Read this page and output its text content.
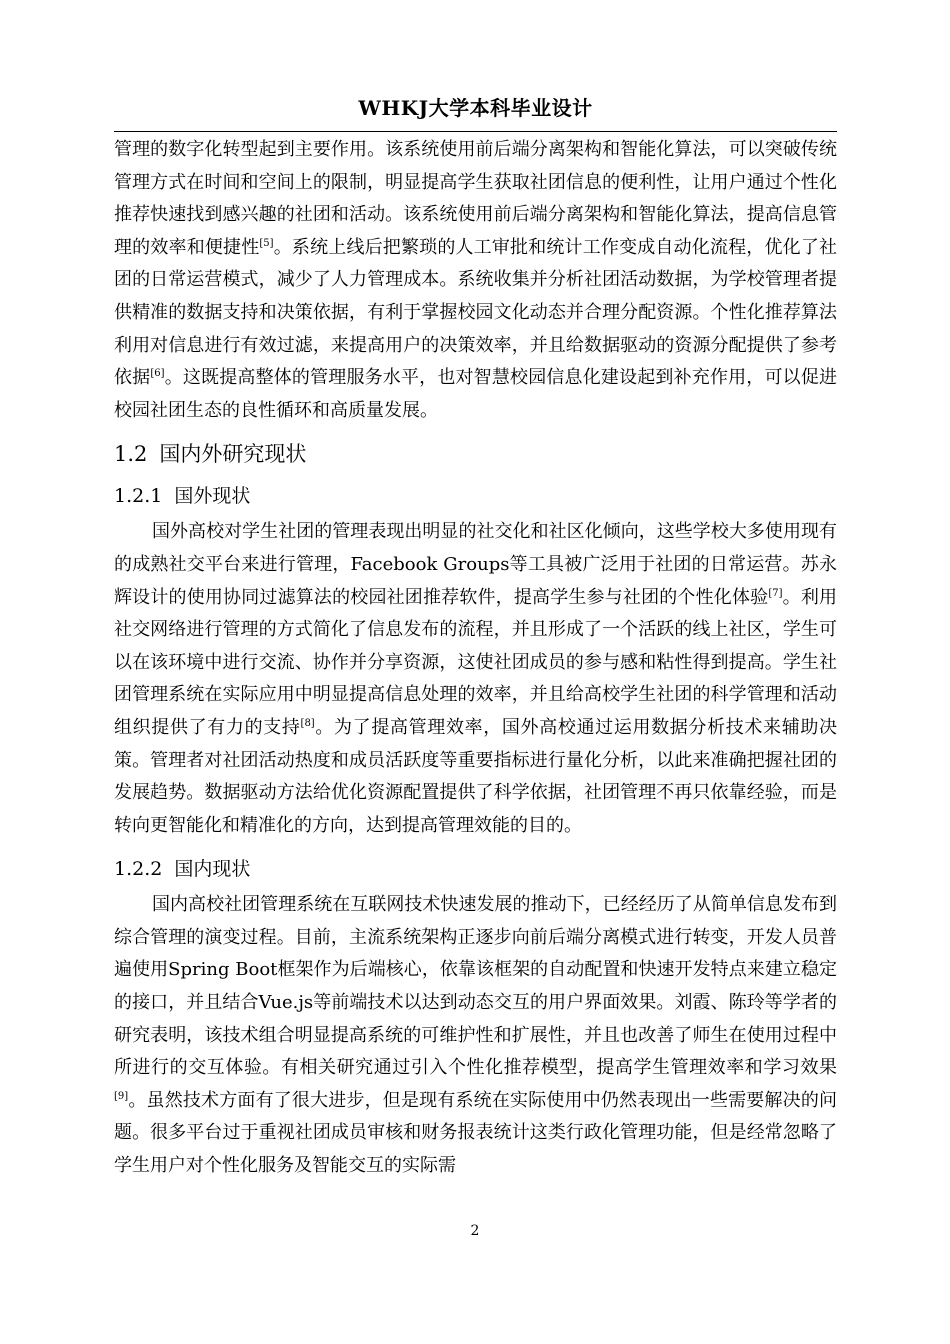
WHKJ大学本科毕业设计

管理的数字化转型起到主要作用。该系统使用前后端分离架构和智能化算法，可以突破传统管理方式在时间和空间上的限制，明显提高学生获取社团信息的便利性，让用户通过个性化推荐快速找到感兴趣的社团和活动。该系统使用前后端分离架构和智能化算法，提高信息管理的效率和便捷性[5]。系统上线后把繁琐的人工审批和统计工作变成自动化流程，优化了社团的日常运营模式，减少了人力管理成本。系统收集并分析社团活动数据，为学校管理者提供精准的数据支持和决策依据，有利于掌握校园文化动态并合理分配资源。个性化推荐算法利用对信息进行有效过滤，来提高用户的决策效率，并且给数据驱动的资源分配提供了参考依据[6]。这既提高整体的管理服务水平，也对智慧校园信息化建设起到补充作用，可以促进校园社团生态的良性循环和高质量发展。

1.2 国内外研究现状
1.2.1 国外现状

国外高校对学生社团的管理表现出明显的社交化和社区化倾向，这些学校大多使用现有的成熟社交平台来进行管理，Facebook Groups等工具被广泛用于社团的日常运营。苏永辉设计的使用协同过滤算法的校园社团推荐软件，提高学生参与社团的个性化体验[7]。利用社交网络进行管理的方式简化了信息发布的流程，并且形成了一个活跃的线上社区，学生可以在该环境中进行交流、协作并分享资源，这使社团成员的参与感和粘性得到提高。学生社团管理系统在实际应用中明显提高信息处理的效率，并且给高校学生社团的科学管理和活动组织提供了有力的支持[8]。为了提高管理效率，国外高校通过运用数据分析技术来辅助决策。管理者对社团活动热度和成员活跃度等重要指标进行量化分析，以此来准确把握社团的发展趋势。数据驱动方法给优化资源配置提供了科学依据，社团管理不再只依靠经验，而是转向更智能化和精准化的方向，达到提高管理效能的目的。

1.2.2 国内现状

国内高校社团管理系统在互联网技术快速发展的推动下，已经经历了从简单信息发布到综合管理的演变过程。目前，主流系统架构正逐步向前后端分离模式进行转变，开发人员普遍使用Spring Boot框架作为后端核心，依靠该框架的自动配置和快速开发特点来建立稳定的接口，并且结合Vue.js等前端技术以达到动态交互的用户界面效果。刘霞、陈玲等学者的研究表明，该技术组合明显提高系统的可维护性和扩展性，并且也改善了师生在使用过程中所进行的交互体验。有相关研究通过引入个性化推荐模型，提高学生管理效率和学习效果[9]。虽然技术方面有了很大进步，但是现有系统在实际使用中仍然表现出一些需要解决的问题。很多平台过于重视社团成员审核和财务报表统计这类行政化管理功能，但是经常忽略了学生用户对个性化服务及智能交互的实际需

2
